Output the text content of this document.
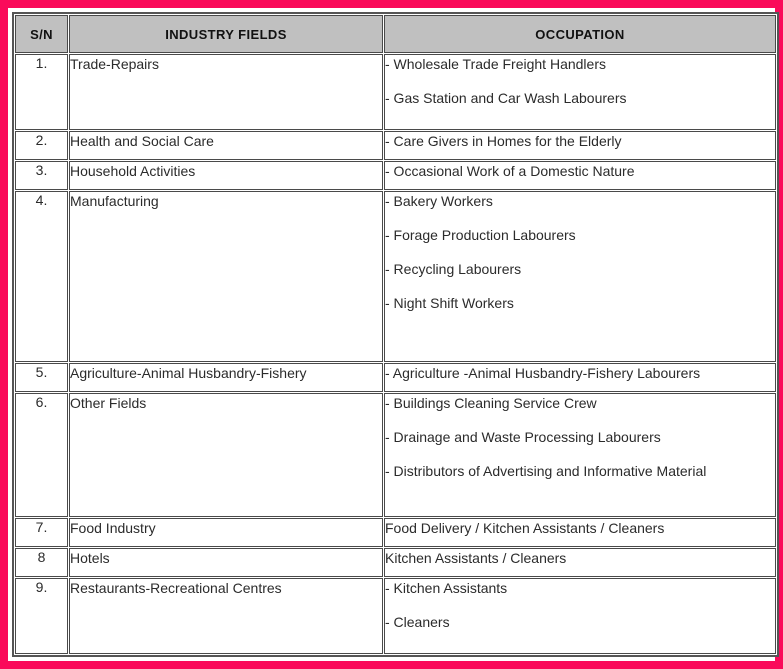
S/N	INDUSTRY FIELDS	OCCUPATION
1.	Trade-Repairs	- Wholesale Trade Freight Handlers
- Gas Station and Car Wash Labourers

2.	Health and Social Care	- Care Givers in Homes for the Elderly

3.	Household Activities	- Occasional Work of a Domestic Nature

4.	Manufacturing	- Bakery Workers
- Forage Production Labourers
- Recycling Labourers
- Night Shift Workers

5.	Agriculture-Animal Husbandry-Fishery	- Agriculture -Animal Husbandry-Fishery Labourers

6.	Other Fields	- Buildings Cleaning Service Crew
- Drainage and Waste Processing Labourers
- Distributors of Advertising and Informative Material

7.	Food Industry	Food Delivery / Kitchen Assistants / Cleaners

8	Hotels	Kitchen Assistants / Cleaners

9.	Restaurants-Recreational Centres	- Kitchen Assistants
- Cleaners
